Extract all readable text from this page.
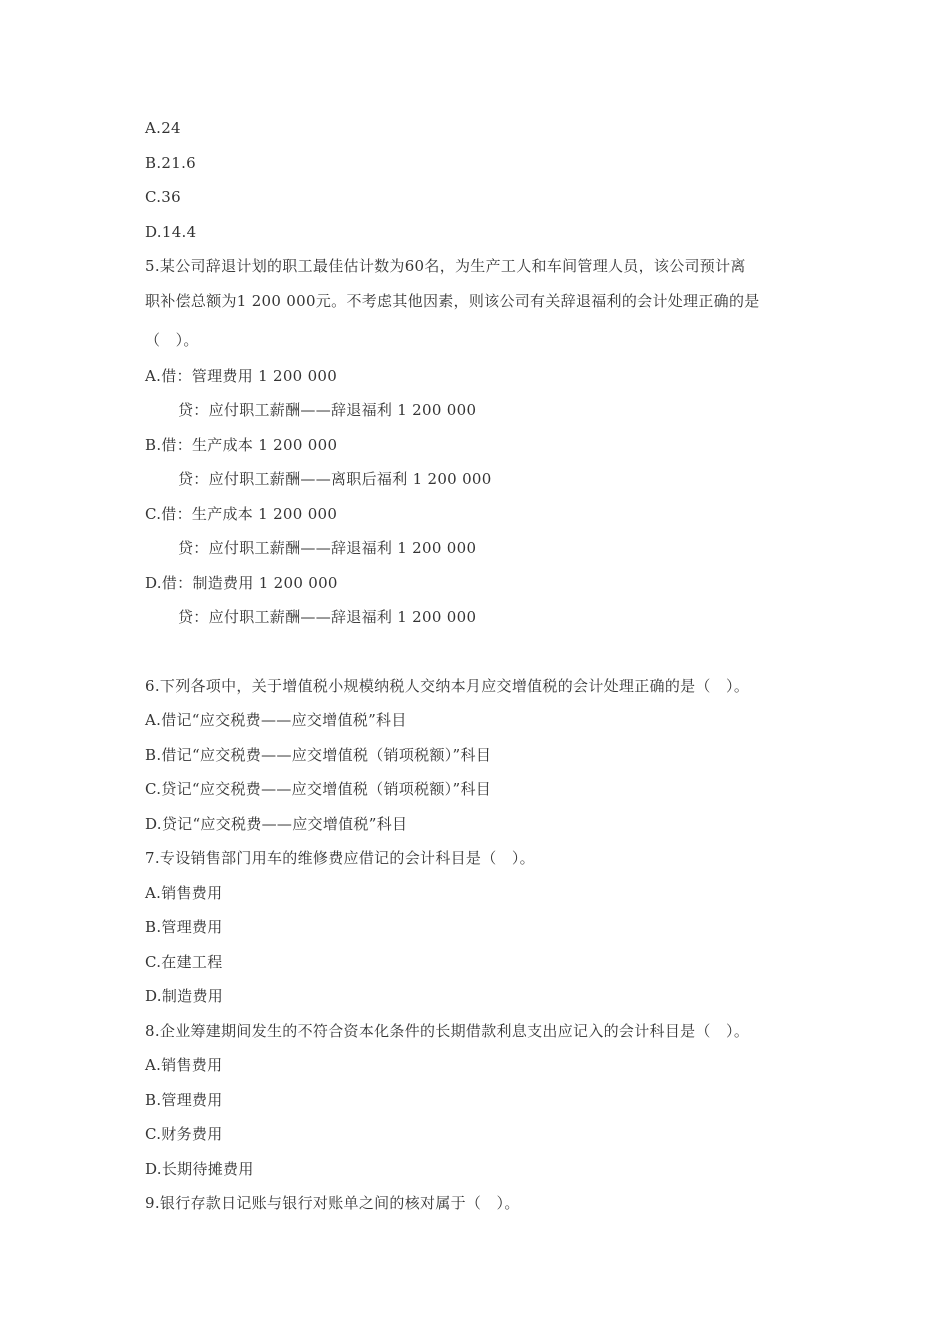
A.24
B.21.6
C.36
D.14.4
5.某公司辞退计划的职工最佳估计数为60名，为生产工人和车间管理人员，该公司预计离
职补偿总额为1 200 000元。不考虑其他因素，则该公司有关辞退福利的会计处理正确的是
（　）。
A.借：管理费用 1 200 000
贷：应付职工薪酬——辞退福利 1 200 000
B.借：生产成本 1 200 000
贷：应付职工薪酬——离职后福利 1 200 000
C.借：生产成本 1 200 000
贷：应付职工薪酬——辞退福利 1 200 000
D.借：制造费用 1 200 000
贷：应付职工薪酬——辞退福利 1 200 000
6.下列各项中，关于增值税小规模纳税人交纳本月应交增值税的会计处理正确的是（　）。
A.借记“应交税费——应交增值税”科目
B.借记“应交税费——应交增值税（销项税额）”科目
C.贷记“应交税费——应交增值税（销项税额）”科目
D.贷记“应交税费——应交增值税”科目
7.专设销售部门用车的维修费应借记的会计科目是（　）。
A.销售费用
B.管理费用
C.在建工程
D.制造费用
8.企业筹建期间发生的不符合资本化条件的长期借款利息支出应记入的会计科目是（　）。
A.销售费用
B.管理费用
C.财务费用
D.长期待摊费用
9.银行存款日记账与银行对账单之间的核对属于（　）。
